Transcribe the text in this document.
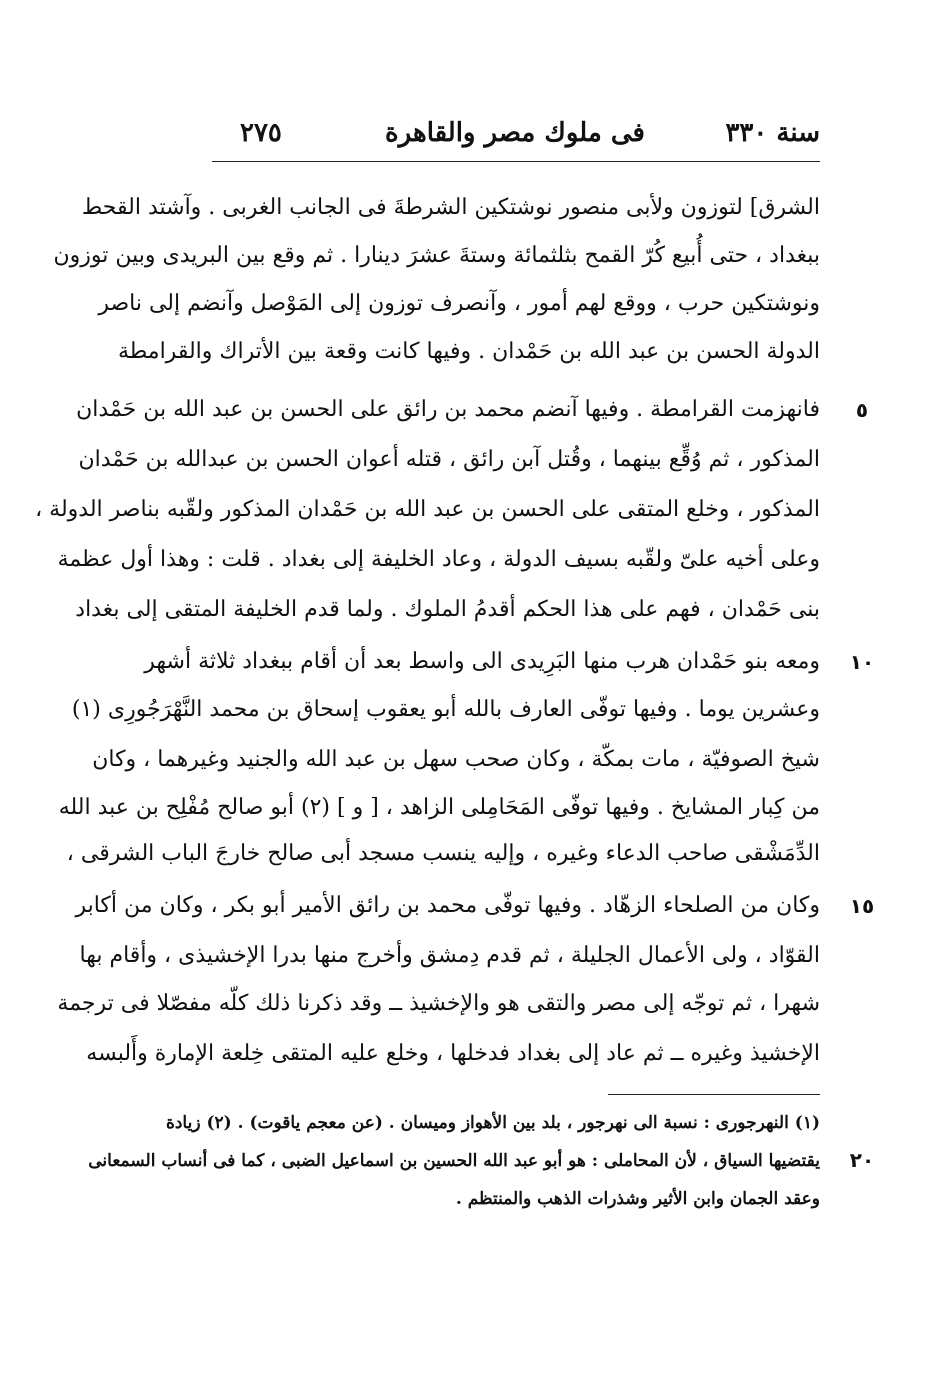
سنة ٣٣٠
فى ملوك مصر والقاهرة
٢٧٥
الشرق] لتوزون ولأبى منصور نوشتكين الشرطةَ فى الجانب الغربى . وآشتد القحط
ببغداد ، حتى أُبيع كُرّ القمح بثلثمائة وستةَ عشرَ دينارا . ثم وقع بين البريدى وبين توزون
ونوشتكين حرب ، ووقع لهم أمور ، وآنصرف توزون إلى المَوْصل وآنضم إلى ناصر
الدولة الحسن بن عبد الله بن حَمْدان . وفيها كانت وقعة بين الأتراك والقرامطة
فانهزمت القرامطة . وفيها آنضم محمد بن رائق على الحسن بن عبد الله بن حَمْدان
المذكور ، ثم وُقِّع بينهما ، وقُتل آبن رائق ، قتله أعوان الحسن بن عبدالله بن حَمْدان
المذكور ، وخلع المتقى على الحسن بن عبد الله بن حَمْدان المذكور ولقّبه بناصر الدولة ،
وعلى أخيه علىّ ولقّبه بسيف الدولة ، وعاد الخليفة إلى بغداد . قلت : وهذا أول عظمة
بنى حَمْدان ، فهم على هذا الحكم أقدمُ الملوك . ولما قدم الخليفة المتقى إلى بغداد
ومعه بنو حَمْدان هرب منها البَرِيدى الى واسط بعد أن أقام ببغداد ثلاثة أشهر
وعشرين يوما . وفيها توفّى العارف بالله أبو يعقوب إسحاق بن محمد النَّهْرَجُورِى (١)
شيخ الصوفيّة ، مات بمكّة ، وكان صحب سهل بن عبد الله والجنيد وغيرهما ، وكان
من كِبار المشايخ . وفيها توفّى المَحَامِلى الزاهد ، [ و ] (٢) أبو صالح مُفْلِح بن عبد الله
الدِّمَشْقى صاحب الدعاء وغيره ، وإليه ينسب مسجد أبى صالح خارجَ الباب الشرقى ،
وكان من الصلحاء الزهّاد . وفيها توفّى محمد بن رائق الأمير أبو بكر ، وكان من أكابر
القوّاد ، ولى الأعمال الجليلة ، ثم قدم دِمشق وأخرج منها بدرا الإخشيذى ، وأقام بها
شهرا ، ثم توجّه إلى مصر والتقى هو والإخشيذ ــ وقد ذكرنا ذلك كلّه مفصّلا فى ترجمة
الإخشيذ وغيره ــ ثم عاد إلى بغداد فدخلها ، وخلع عليه المتقى خِلعة الإمارة وأَلبسه
٥
١٠
١٥
(١) النهرجورى : نسبة الى نهرجور ، بلد بين الأهواز وميسان . (عن معجم ياقوت) . (٢) زيادة
يقتضيها السياق ، لأن المحاملى : هو أبو عبد الله الحسين بن اسماعيل الضبى ، كما فى أنساب السمعانى
وعقد الجمان وابن الأثير وشذرات الذهب والمنتظم .
٢٠
